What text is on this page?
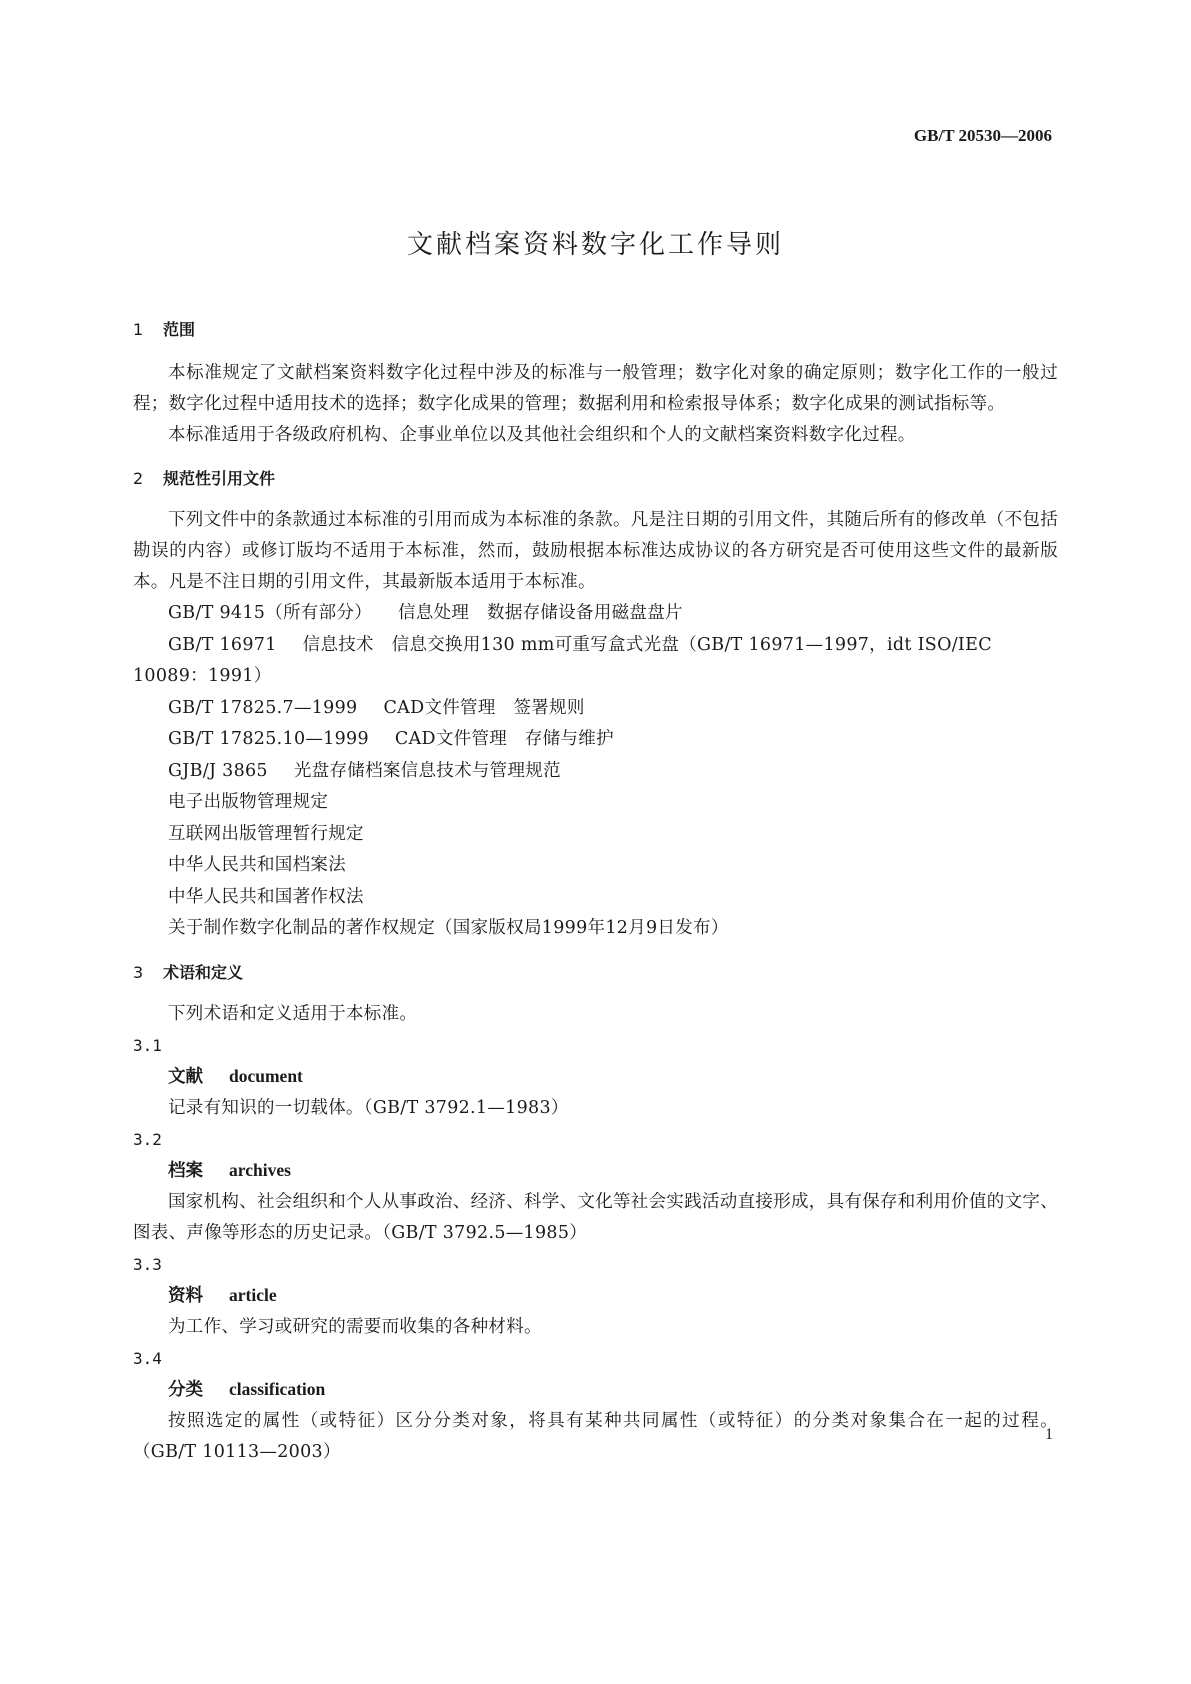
GB/T 20530—2006
文献档案资料数字化工作导则
1 范围

本标准规定了文献档案资料数字化过程中涉及的标准与一般管理；数字化对象的确定原则；数字化工作的一般过程；数字化过程中适用技术的选择；数字化成果的管理；数据利用和检索报导体系；数字化成果的测试指标等。

本标准适用于各级政府机构、企事业单位以及其他社会组织和个人的文献档案资料数字化过程。

2 规范性引用文件

下列文件中的条款通过本标准的引用而成为本标准的条款。凡是注日期的引用文件，其随后所有的修改单（不包括勘误的内容）或修订版均不适用于本标准，然而，鼓励根据本标准达成协议的各方研究是否可使用这些文件的最新版本。凡是不注日期的引用文件，其最新版本适用于本标准。

GB/T 9415（所有部分） 信息处理　数据存储设备用磁盘盘片

GB/T 16971 信息技术　信息交换用130 mm可重写盒式光盘（GB/T 16971—1997，idt ISO/IEC 10089：1991）

GB/T 17825.7—1999 CAD文件管理　签署规则

GB/T 17825.10—1999 CAD文件管理　存储与维护

GJB/J 3865 光盘存储档案信息技术与管理规范

电子出版物管理规定

互联网出版管理暂行规定

中华人民共和国档案法

中华人民共和国著作权法

关于制作数字化制品的著作权规定（国家版权局1999年12月9日发布）

3 术语和定义

下列术语和定义适用于本标准。

3.1

文献 document

记录有知识的一切载体。（GB/T 3792.1—1983）

3.2

档案 archives

国家机构、社会组织和个人从事政治、经济、科学、文化等社会实践活动直接形成，具有保存和利用价值的文字、图表、声像等形态的历史记录。（GB/T 3792.5—1985）

3.3

资料 article

为工作、学习或研究的需要而收集的各种材料。

3.4

分类 classification

按照选定的属性（或特征）区分分类对象，将具有某种共同属性（或特征）的分类对象集合在一起的过程。（GB/T 10113—2003）

1
